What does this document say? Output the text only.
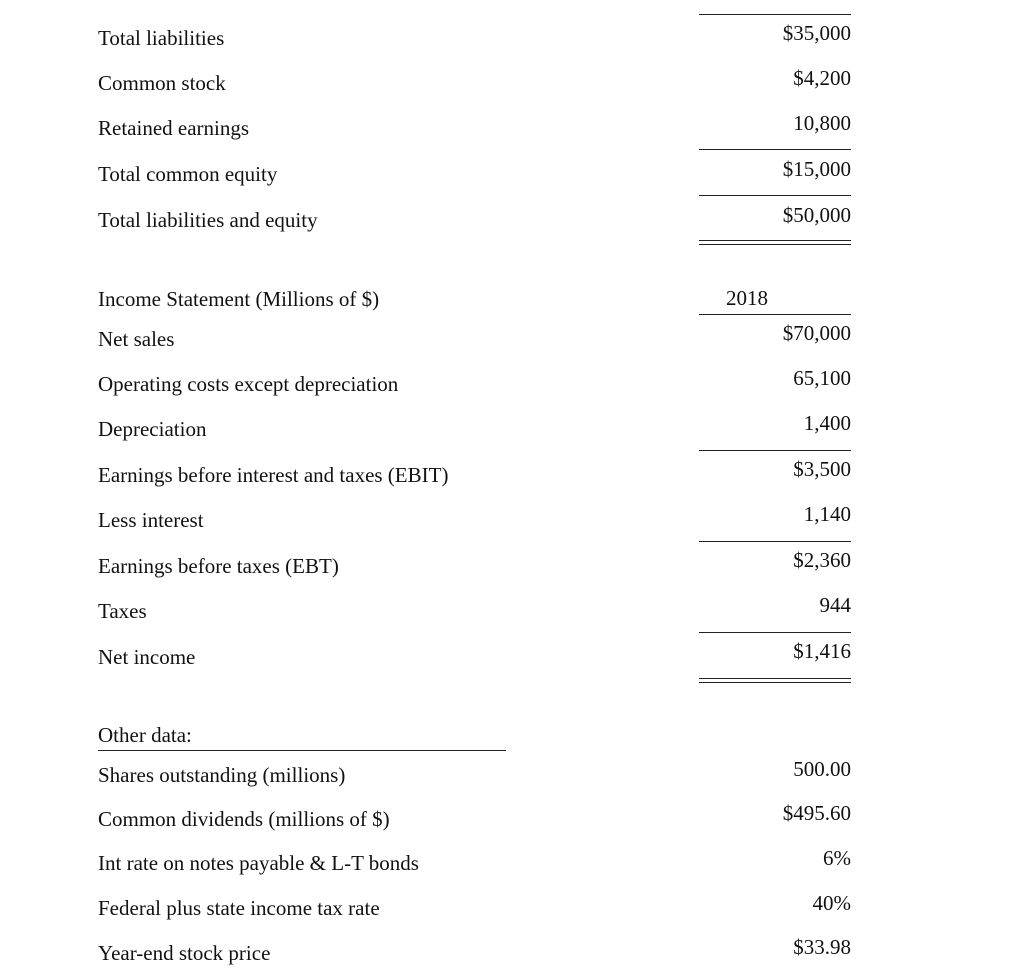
Total liabilities	$35,000
Common stock	$4,200
Retained earnings	10,800
Total common equity	$15,000
Total liabilities and equity	$50,000
Income Statement (Millions of $)	2018
Net sales	$70,000
Operating costs except depreciation	65,100
Depreciation	1,400
Earnings before interest and taxes (EBIT)	$3,500
Less interest	1,140
Earnings before taxes (EBT)	$2,360
Taxes	944
Net income	$1,416
Other data:
Shares outstanding (millions)	500.00
Common dividends (millions of $)	$495.60
Int rate on notes payable & L-T bonds	6%
Federal plus state income tax rate	40%
Year-end stock price	$33.98
